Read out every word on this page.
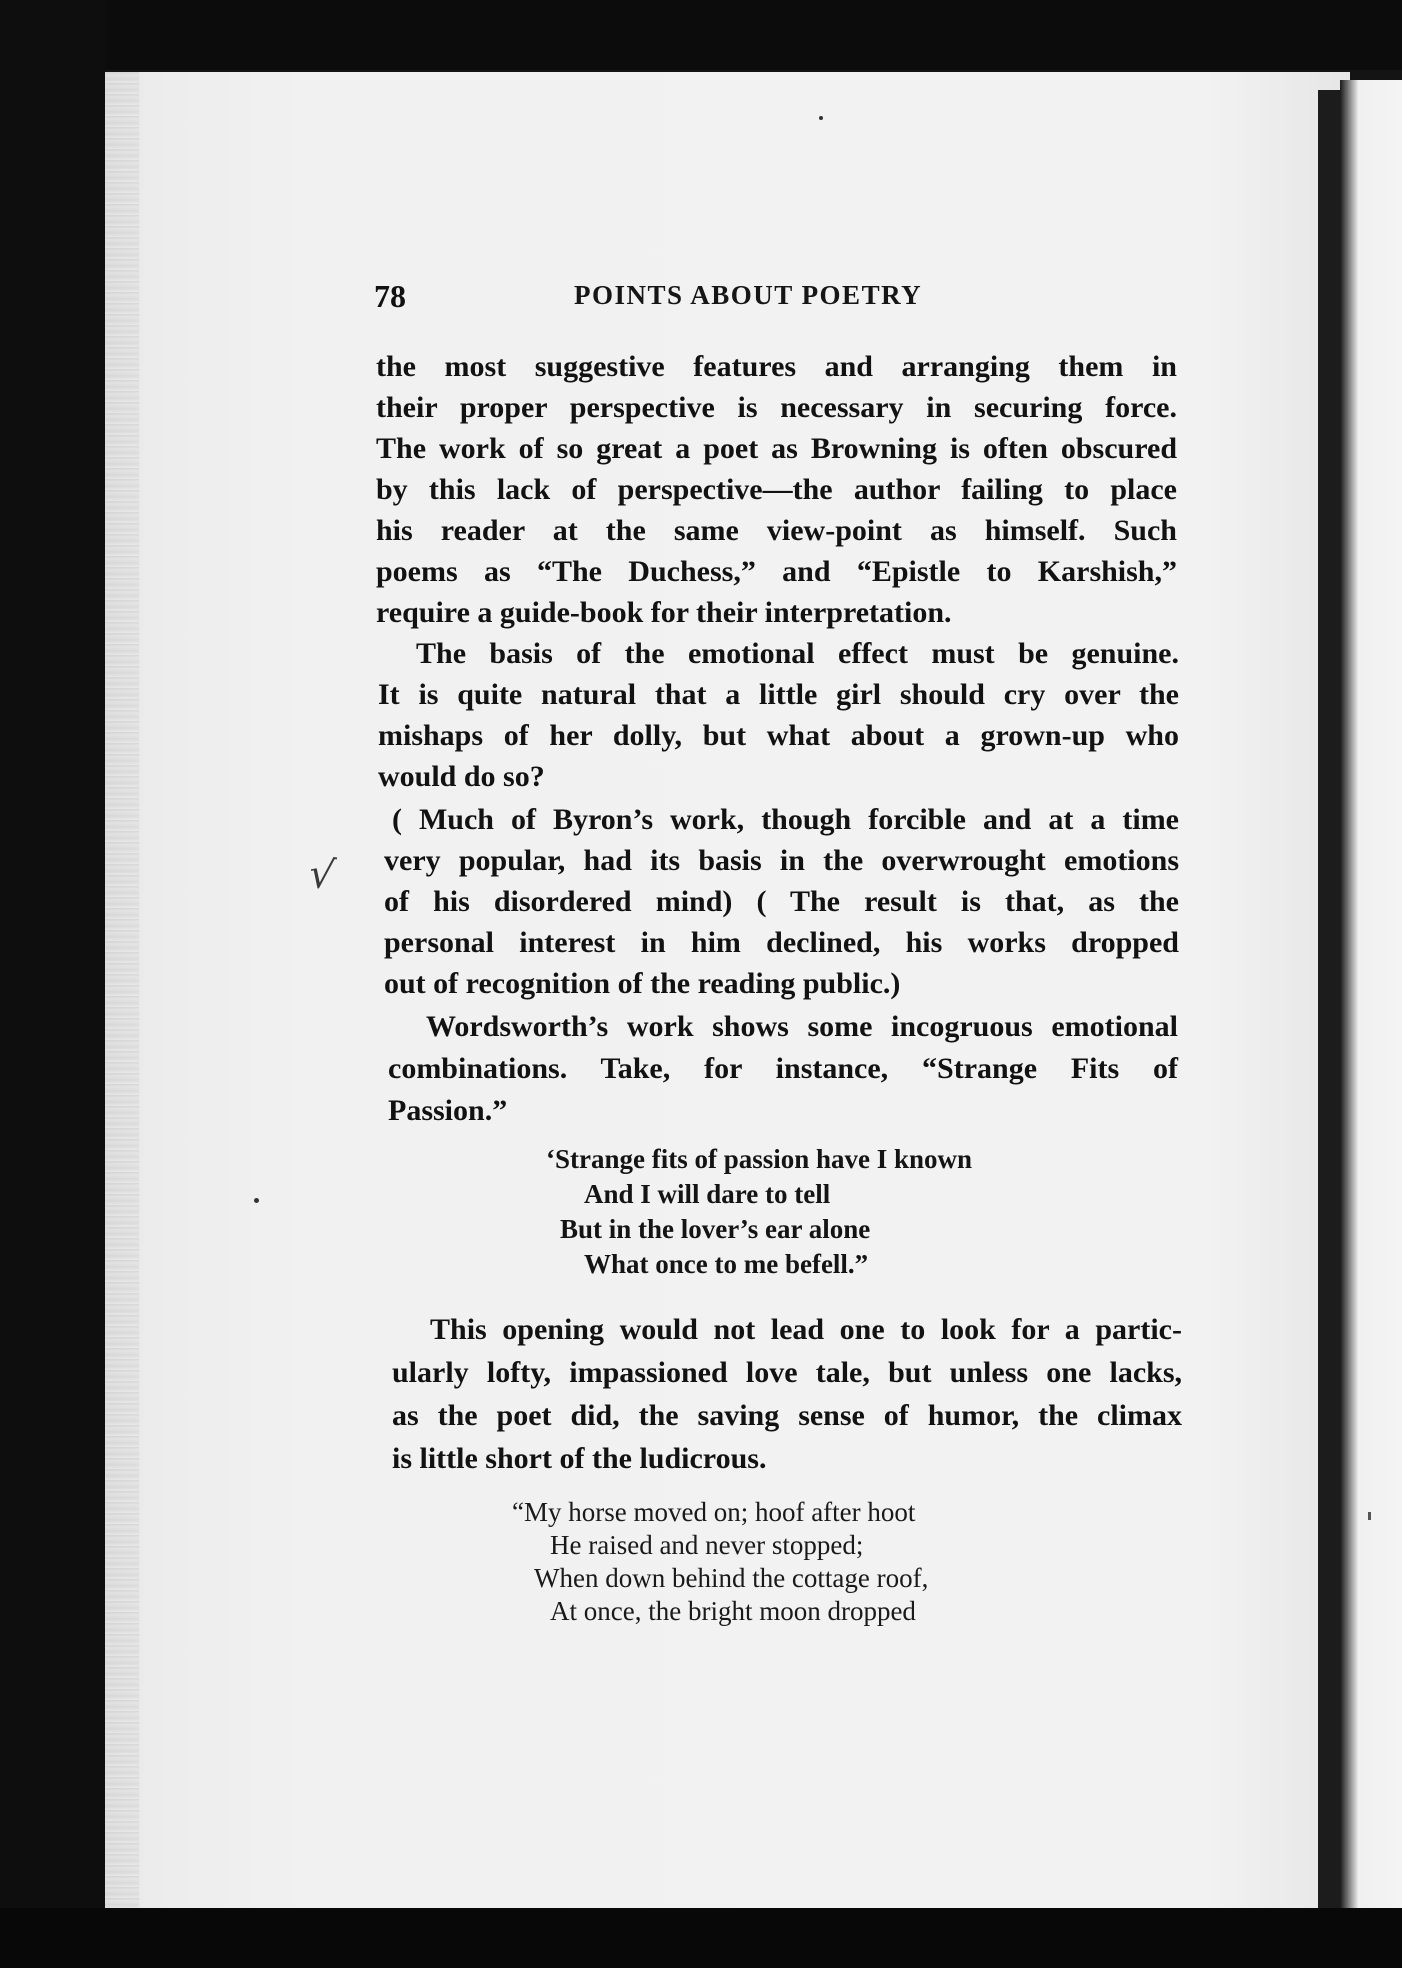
78	POINTS ABOUT POETRY
the most suggestive features and arranging them in
their proper perspective is necessary in securing force.
The work of so great a poet as Browning is often obscured
by this lack of perspective—the author failing to place
his reader at the same view-point as himself. Such
poems as “The Duchess,” and “Epistle to Karshish,”
require a guide-book for their interpretation.
The basis of the emotional effect must be genuine.
It is quite natural that a little girl should cry over the
mishaps of her dolly, but what about a grown-up who
would do so?
( Much of Byron’s work, though forcible and at a time
very popular, had its basis in the overwrought emotions
of his disordered mind) ( The result is that, as the
personal interest in him declined, his works dropped
out of recognition of the reading public.)
√
Wordsworth’s work shows some incogruous emotional
combinations. Take, for instance, “Strange Fits of
Passion.”
‘Strange fits of passion have I known
And I will dare to tell
But in the lover’s ear alone
What once to me befell.”
This opening would not lead one to look for a partic-
ularly lofty, impassioned love tale, but unless one lacks,
as the poet did, the saving sense of humor, the climax
is little short of the ludicrous.
“My horse moved on; hoof after hoot
He raised and never stopped;
When down behind the cottage roof,
At once, the bright moon dropped
